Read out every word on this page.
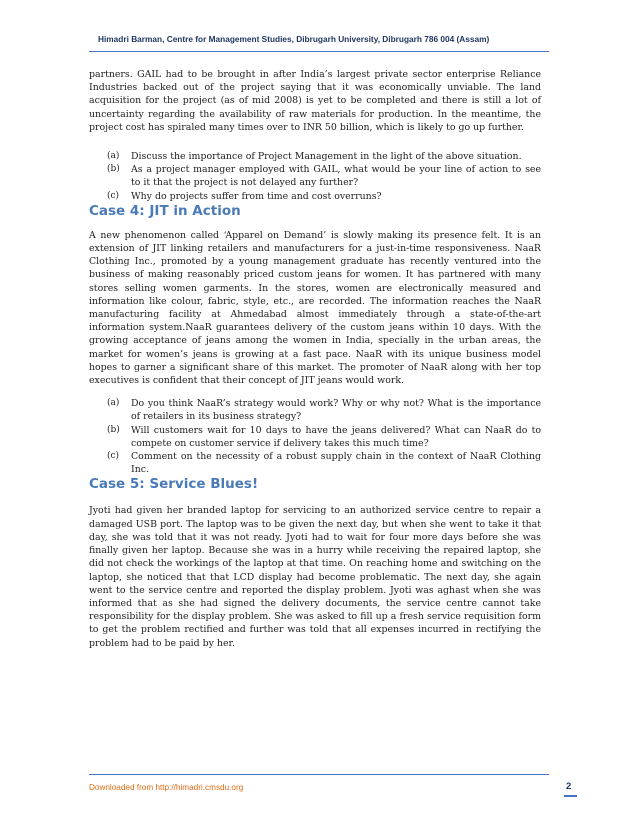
Himadri Barman, Centre for Management Studies, Dibrugarh University, Dibrugarh 786 004 (Assam)

partners. GAIL had to be brought in after India’s largest private sector enterprise Reliance Industries backed out of the project saying that it was economically unviable. The land acquisition for the project (as of mid 2008) is yet to be completed and there is still a lot of uncertainty regarding the availability of raw materials for production. In the meantime, the project cost has spiraled many times over to INR 50 billion, which is likely to go up further.

(a)	Discuss the importance of Project Management in the light of the above situation.
(b)	As a project manager employed with GAIL, what would be your line of action to see to it that the project is not delayed any further?
(c)	Why do projects suffer from time and cost overruns?
Case 4: JIT in Action

A new phenomenon called ‘Apparel on Demand’ is slowly making its presence felt. It is an extension of JIT linking retailers and manufacturers for a just-in-time responsiveness. NaaR Clothing Inc., promoted by a young management graduate has recently ventured into the business of making reasonably priced custom jeans for women. It has partnered with many stores selling women garments. In the stores, women are electronically measured and information like colour, fabric, style, etc., are recorded. The information reaches the NaaR manufacturing facility at Ahmedabad almost immediately through a state-of-the-art information system.NaaR guarantees delivery of the custom jeans within 10 days. With the growing acceptance of jeans among the women in India, specially in the urban areas, the market for women’s jeans is growing at a fast pace. NaaR with its unique business model hopes to garner a significant share of this market. The promoter of NaaR along with her top executives is confident that their concept of JIT jeans would work.

(a)	Do you think NaaR’s strategy would work? Why or why not? What is the importance of retailers in its business strategy?
(b)	Will customers wait for 10 days to have the jeans delivered? What can NaaR do to compete on customer service if delivery takes this much time?
(c)	Comment on the necessity of a robust supply chain in the context of NaaR Clothing Inc.
Case 5: Service Blues!

Jyoti had given her branded laptop for servicing to an authorized service centre to repair a damaged USB port. The laptop was to be given the next day, but when she went to take it that day, she was told that it was not ready. Jyoti had to wait for four more days before she was finally given her laptop. Because she was in a hurry while receiving the repaired laptop, she did not check the workings of the laptop at that time. On reaching home and switching on the laptop, she noticed that that LCD display had become problematic. The next day, she again went to the service centre and reported the display problem. Jyoti was aghast when she was informed that as she had signed the delivery documents, the service centre cannot take responsibility for the display problem. She was asked to fill up a fresh service requisition form to get the problem rectified and further was told that all expenses incurred in rectifying the problem had to be paid by her.

Downloaded from http://himadri.cmsdu.org	2
